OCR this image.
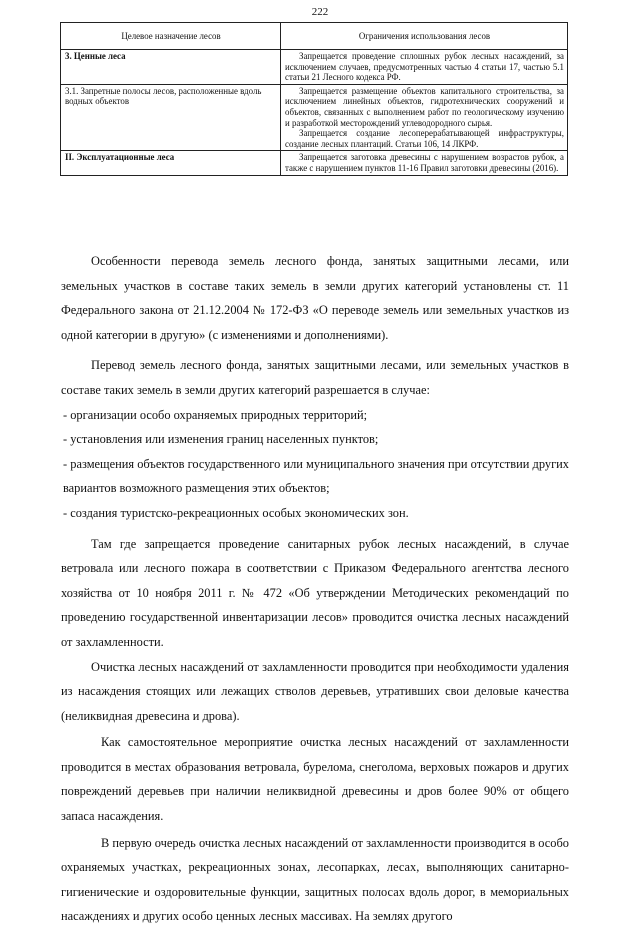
222
Целевое назначение лесов	Ограничения использования лесов
3. Ценные леса	Запрещается проведение сплошных рубок лесных насаждений, за исключением случаев, предусмотренных частью 4 статьи 17, частью 5.1 статьи 21 Лесного кодекса РФ.

3.1. Запретные полосы лесов, расположенные вдоль водных объектов	Запрещается размещение объектов капитального строительства, за исключением линейных объектов, гидротехнических сооружений и объектов, связанных с выполнением работ по геологическому изучению и разработкой месторождений углеводородного сырья.
Запрещается создание лесоперерабатывающей инфраструктуры, создание лесных плантаций. Статьи 106, 14 ЛКРФ.

II. Эксплуатационные леса	Запрещается заготовка древесины с нарушением возрастов рубок, а также с нарушением пунктов 11-16 Правил заготовки древесины (2016).

Особенности перевода земель лесного фонда, занятых защитными лесами, или земельных участков в составе таких земель в земли других категорий установлены ст. 11 Федерального закона от 21.12.2004 № 172-ФЗ «О переводе земель или земельных участков из одной категории в другую» (с изменениями и дополнениями).

Перевод земель лесного фонда, занятых защитными лесами, или земельных участков в составе таких земель в земли других категорий разрешается в случае:

- организации особо охраняемых природных территорий;

- установления или изменения границ населенных пунктов;

- размещения объектов государственного или муниципального значения при отсутствии других вариантов возможного размещения этих объектов;

- создания туристско-рекреационных особых экономических зон.

Там где запрещается проведение санитарных рубок лесных насаждений, в случае ветровала или лесного пожара в соответствии с Приказом Федерального агентства лесного хозяйства от 10 ноября 2011 г. № 472 «Об утверждении Методических рекомендаций по проведению государственной инвентаризации лесов» проводится очистка лесных насаждений от захламленности.

Очистка лесных насаждений от захламленности проводится при необходимости удаления из насаждения стоящих или лежащих стволов деревьев, утративших свои деловые качества (неликвидная древесина и дрова).

Как самостоятельное мероприятие очистка лесных насаждений от захламленности проводится в местах образования ветровала, бурелома, снеголома, верховых пожаров и других повреждений деревьев при наличии неликвидной древесины и дров более 90% от общего запаса насаждения.

В первую очередь очистка лесных насаждений от захламленности производится в особо охраняемых участках, рекреационных зонах, лесопарках, лесах, выполняющих санитарно-гигиенические и оздоровительные функции, защитных полосах вдоль дорог, в мемориальных насаждениях и других особо ценных лесных массивах. На землях другого
